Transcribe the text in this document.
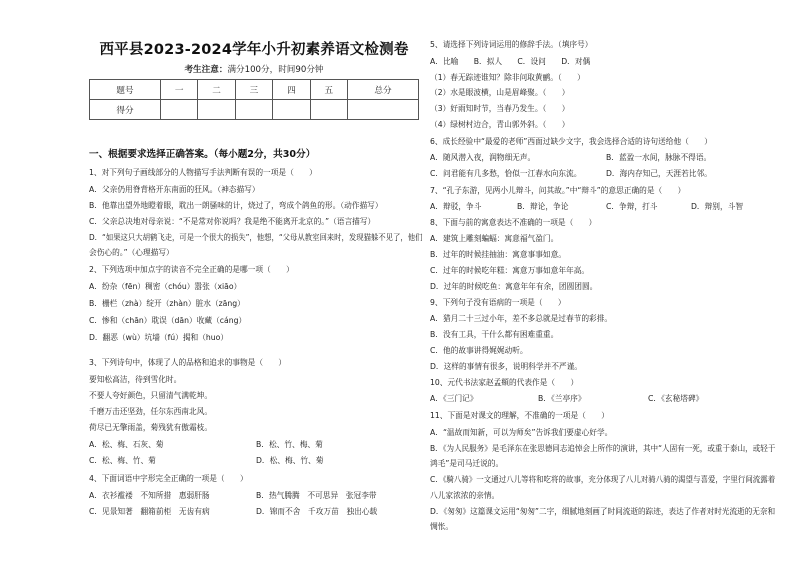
西平县2023-2024学年小升初素养语文检测卷
考生注意：满分100分，时间90分钟
题号	一	二	三	四	五	总分
得分						
一、根据要求选择正确答案。（每小题2分，共30分）
1、对下列句子画线部分的人物描写手法判断有误的一项是（　　）
A．父亲仍用脊背格开东南面的狂风。（神态描写）
B．他靠出望外地瞪着眼，耽出一朗骚味的计，烧过了，弯成个鸽鱼的形。（动作描写）
C．父亲总决地对母亲说：“不是常对你说吗？我是绝不能离开北京的。”（语言描写）
D．“如果这只大胡鹤飞走，可是一个很大的损失”，他想，“父母从教室回来时，发现猫躲不见了，他们
会伤心的。”（心理描写）
2、下列选项中加点字的读音不完全正确的是哪一项（　　）
A．纷杂（fēn）稠密（chóu）嚣张（xiāo）
B．栅栏（zhà）绽开（zhàn）脏水（zāng）
C．惨和（chān）耽误（dān）收藏（cáng）
D．翻恶（wù）坑墙（fú）揭和（huo）
3、下列诗句中，体现了人的品格和追求的事物是（　　）
要知松高洁，待到雪化时。
不要人夸好颜色，只留清气满乾坤。
千磨万击还坚劲，任尔东西南北风。
荷尽已无擎雨盖，菊残犹有傲霜枝。
A．松、梅、石灰、菊	B．松、竹、梅、菊
C．松、梅、竹、菊	D．松、梅、竹、菊
4、下面词语中字形完全正确的一项是（　　）
A．衣衫褴褛　不知所措　惠弱肝肠	B．热气腾腾　不可思异　张冠李带
C．见景知著　翻箱前柜　无齿有病	D．锦而不舍　千攻万苗　独出心载
5、请选择下列诗词运用的修辞手法。（填序号）
A．比喻　　B．拟人　　C．设问　　D．对偶
（1）春无踪迹谁知？除非问取黄鹂。（　　）
（2）水是眼波横，山是眉峰聚。（　　）
（3）好雨知时节，当春乃发生。（　　）
（4）绿树村边合，青山郭外斜。（　　）
6、成长经验中“最爱的老师”西面过缺少文字，我会选择合适的诗句送给他（　　）
A．随风潜入夜，润物细无声。	B．蓝盈一水间，脉脉不得语。
C．问君能有几多愁，恰似一江春水向东流。	D．海内存知己，天涯若比邻。
7、“孔子东游，见两小儿辩斗，问其故。”中“辩斗”的意思正确的是（　　）
A．辩驳，争斗	B．辩论，争论	C．争辩，打斗	D．辩别，斗智
8、下面与前的寓意表达不准确的一项是（　　）
A．建筑上雕刻蝙蝠：寓意福气盈门。
B．过年的时候挂抽油：寓意事事如意。
C．过年的时候吃年糕：寓意万事如意年年高。
D．过年的时候吃鱼：寓意年年有余，团圆团圆。
9、下列句子没有语病的一项是（　　）
A．猎月二十三过小年，差不多总就是过春节的彩排。
B．没有工具，干什么都有困难重重。
C．他的故事讲得娓娓动听。
D．这样的事情有很多，说明科学并不严谨。
10、元代书法家赵孟頫的代表作是（　　）
A．《三门记》	B．《兰亭序》	C．《玄秘塔碑》
11、下面是对课文的理解，不准确的一项是（　　）
A．“温故而知新，可以为师矣”告诉我们要虚心好学。
B．《为人民服务》是毛泽东在张思德同志追悼会上所作的演讲，其中“人固有一死，或重于泰山，或轻于
鸿毛”是司马迁说的。
C．《騎八骑》一文通过八儿等将和吃将的故事，充分体现了八儿对骑八骑的渴望与喜爱，字里行间流露着
八儿家浓浓的亲情。
D．《匆匆》这篇课文运用“匆匆”二字，细腻地刻画了时间流逝的踪迹，表达了作者对时光流逝的无奈和
惆怅。
